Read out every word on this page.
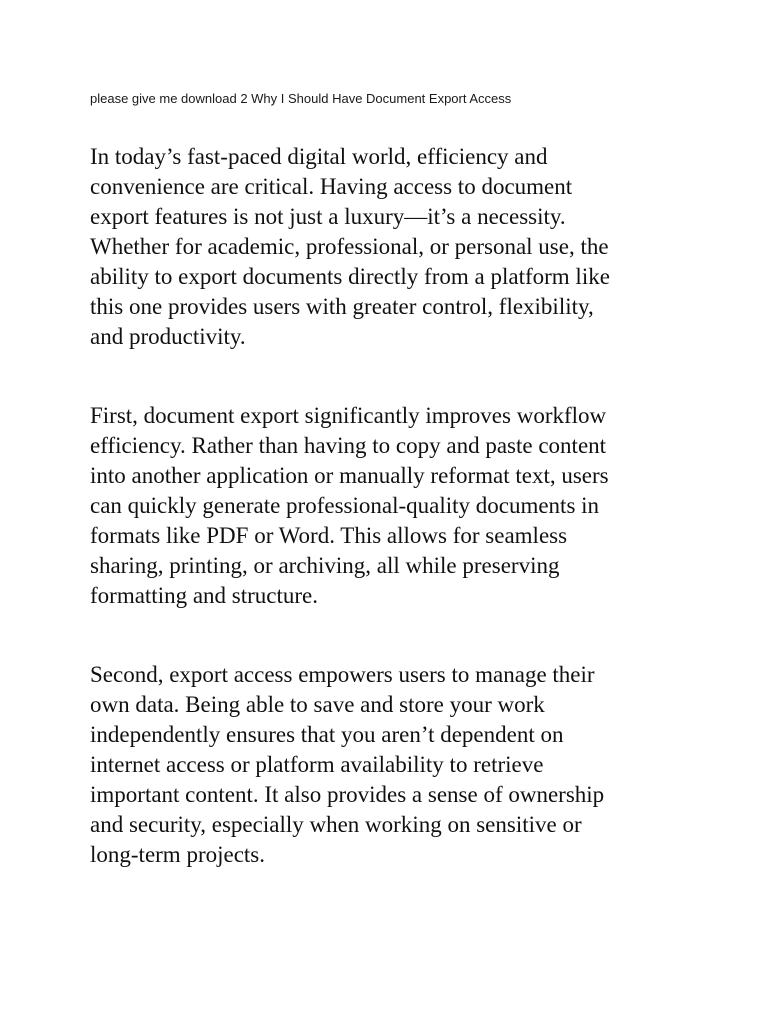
please give me download 2 Why I Should Have Document Export Access

In today’s fast-paced digital world, efficiency and
convenience are critical. Having access to document
export features is not just a luxury—it’s a necessity.
Whether for academic, professional, or personal use, the
ability to export documents directly from a platform like
this one provides users with greater control, flexibility,
and productivity.

First, document export significantly improves workflow
efficiency. Rather than having to copy and paste content
into another application or manually reformat text, users
can quickly generate professional-quality documents in
formats like PDF or Word. This allows for seamless
sharing, printing, or archiving, all while preserving
formatting and structure.

Second, export access empowers users to manage their
own data. Being able to save and store your work
independently ensures that you aren’t dependent on
internet access or platform availability to retrieve
important content. It also provides a sense of ownership
and security, especially when working on sensitive or
long-term projects.
